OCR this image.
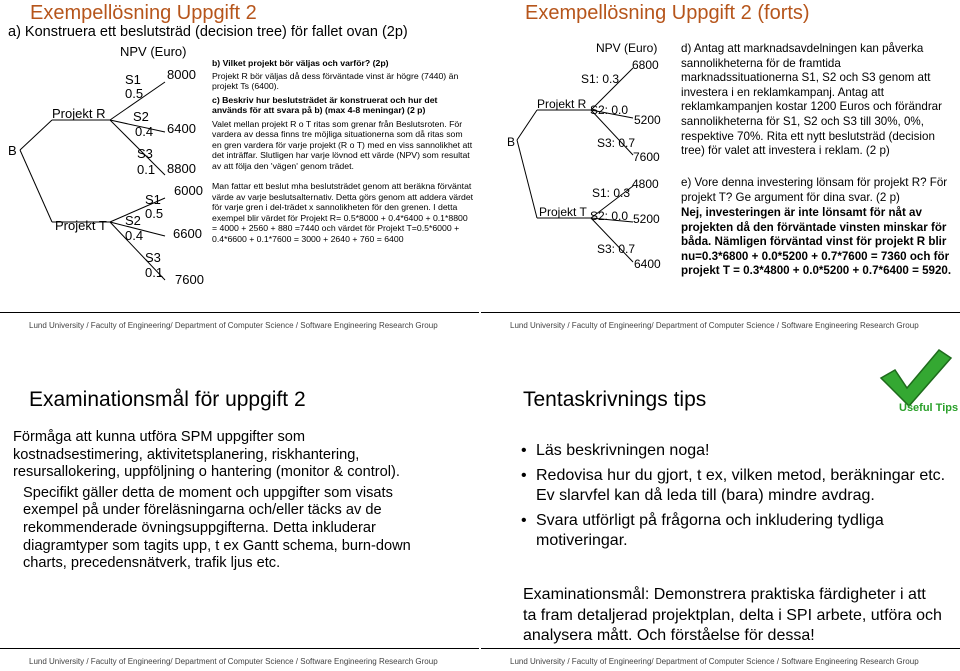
Exempellösning Uppgift 2
a) Konstruera ett beslutsträd (decision tree) för fallet ovan (2p)
B
NPV (Euro)
Projekt R
Projekt T
S1
0.5
8000
S2
0.4 6400
S3
0.1 8800
S1
0.5
6000
S2
0.4 6600
S3
0.1 7600

b) Vilket projekt bör väljas och varför? (2p)

Projekt R bör väljas då dess förväntade vinst är högre (7440) än projekt Ts (6400).

c) Beskriv hur beslutsträdet är konstruerat och hur det används för att svara på b) (max 4-8 meningar) (2 p)

Valet mellan projekt R o T ritas som grenar från Beslutsroten. För vardera av dessa finns tre möjliga situationerna som då ritas som en gren vardera för varje projekt (R o T) med en viss sannolikhet att det inträffar. Slutligen har varje lövnod ett värde (NPV) som resultat av att följa den 'vägen' genom trädet.

Man fattar ett beslut mha beslutsträdet genom att beräkna förväntat värde av varje beslutsalternativ. Detta görs genom att addera värdet för varje gren i del-trädet x sannolikheten för den grenen. I detta exempel blir värdet för Projekt R= 0.5*8000 + 0.4*6400 + 0.1*8800 = 4000 + 2560 + 880 =7440 och värdet för Projekt T=0.5*6000 + 0.4*6600 + 0.1*7600 = 3000 + 2640 + 760 = 6400

Lund University / Faculty of Engineering/ Department of Computer Science / Software Engineering Research Group
Exempellösning Uppgift 2 (forts)
B
NPV (Euro)
Projekt R
Projekt T
S1: 0.3
6800
S2: 0.0
5200
S3: 0.7
7600
S1: 0.3
4800
S2: 0.0 5200
S3: 0.7
6400
d) Antag att marknadsavdelningen kan påverka sannolikheterna för de framtida marknadssituationerna S1, S2 och S3 genom att investera i en reklamkampanj. Antag att reklamkampanjen kostar 1200 Euros och förändrar sannolikheterna för S1, S2 och S3 till 30%, 0%, respektive 70%. Rita ett nytt beslutsträd (decision tree) för valet att investera i reklam. (2 p)
e) Vore denna investering lönsam för projekt R? För projekt T? Ge argument för dina svar. (2 p)
Nej, investeringen är inte lönsamt för nåt av projekten då den förväntade vinsten minskar för båda. Nämligen förväntad vinst för projekt R blir nu=0.3*6800 + 0.0*5200 + 0.7*7600 = 7360 och för projekt T = 0.3*4800 + 0.0*5200 + 0.7*6400 = 5920.
Lund University / Faculty of Engineering/ Department of Computer Science / Software Engineering Research Group
Examinationsmål för uppgift 2

Förmåga att kunna utföra SPM uppgifter som kostnadsestimering, aktivitetsplanering, riskhantering, resursallokering, uppföljning o hantering (monitor & control).

Specifikt gäller detta de moment och uppgifter som visats exempel på under föreläsningarna och/eller täcks av de rekommenderade övningsuppgifterna. Detta inkluderar diagramtyper som tagits upp, t ex Gantt schema, burn-down charts, precedensnätverk, trafik ljus etc.

Lund University / Faculty of Engineering/ Department of Computer Science / Software Engineering Research Group
Tentaskrivnings tips	Useful Tips
• Läs beskrivningen noga!
• Redovisa hur du gjort, t ex, vilken metod, beräkningar etc. Ev slarvfel kan då leda till (bara) mindre avdrag.
• Svara utförligt på frågorna och inkludering tydliga motiveringar.
Examinationsmål: Demonstrera praktiska färdigheter i att ta fram detaljerad projektplan, delta i SPI arbete, utföra och analysera mått. Och förståelse för dessa!
Lund University / Faculty of Engineering/ Department of Computer Science / Software Engineering Research Group
